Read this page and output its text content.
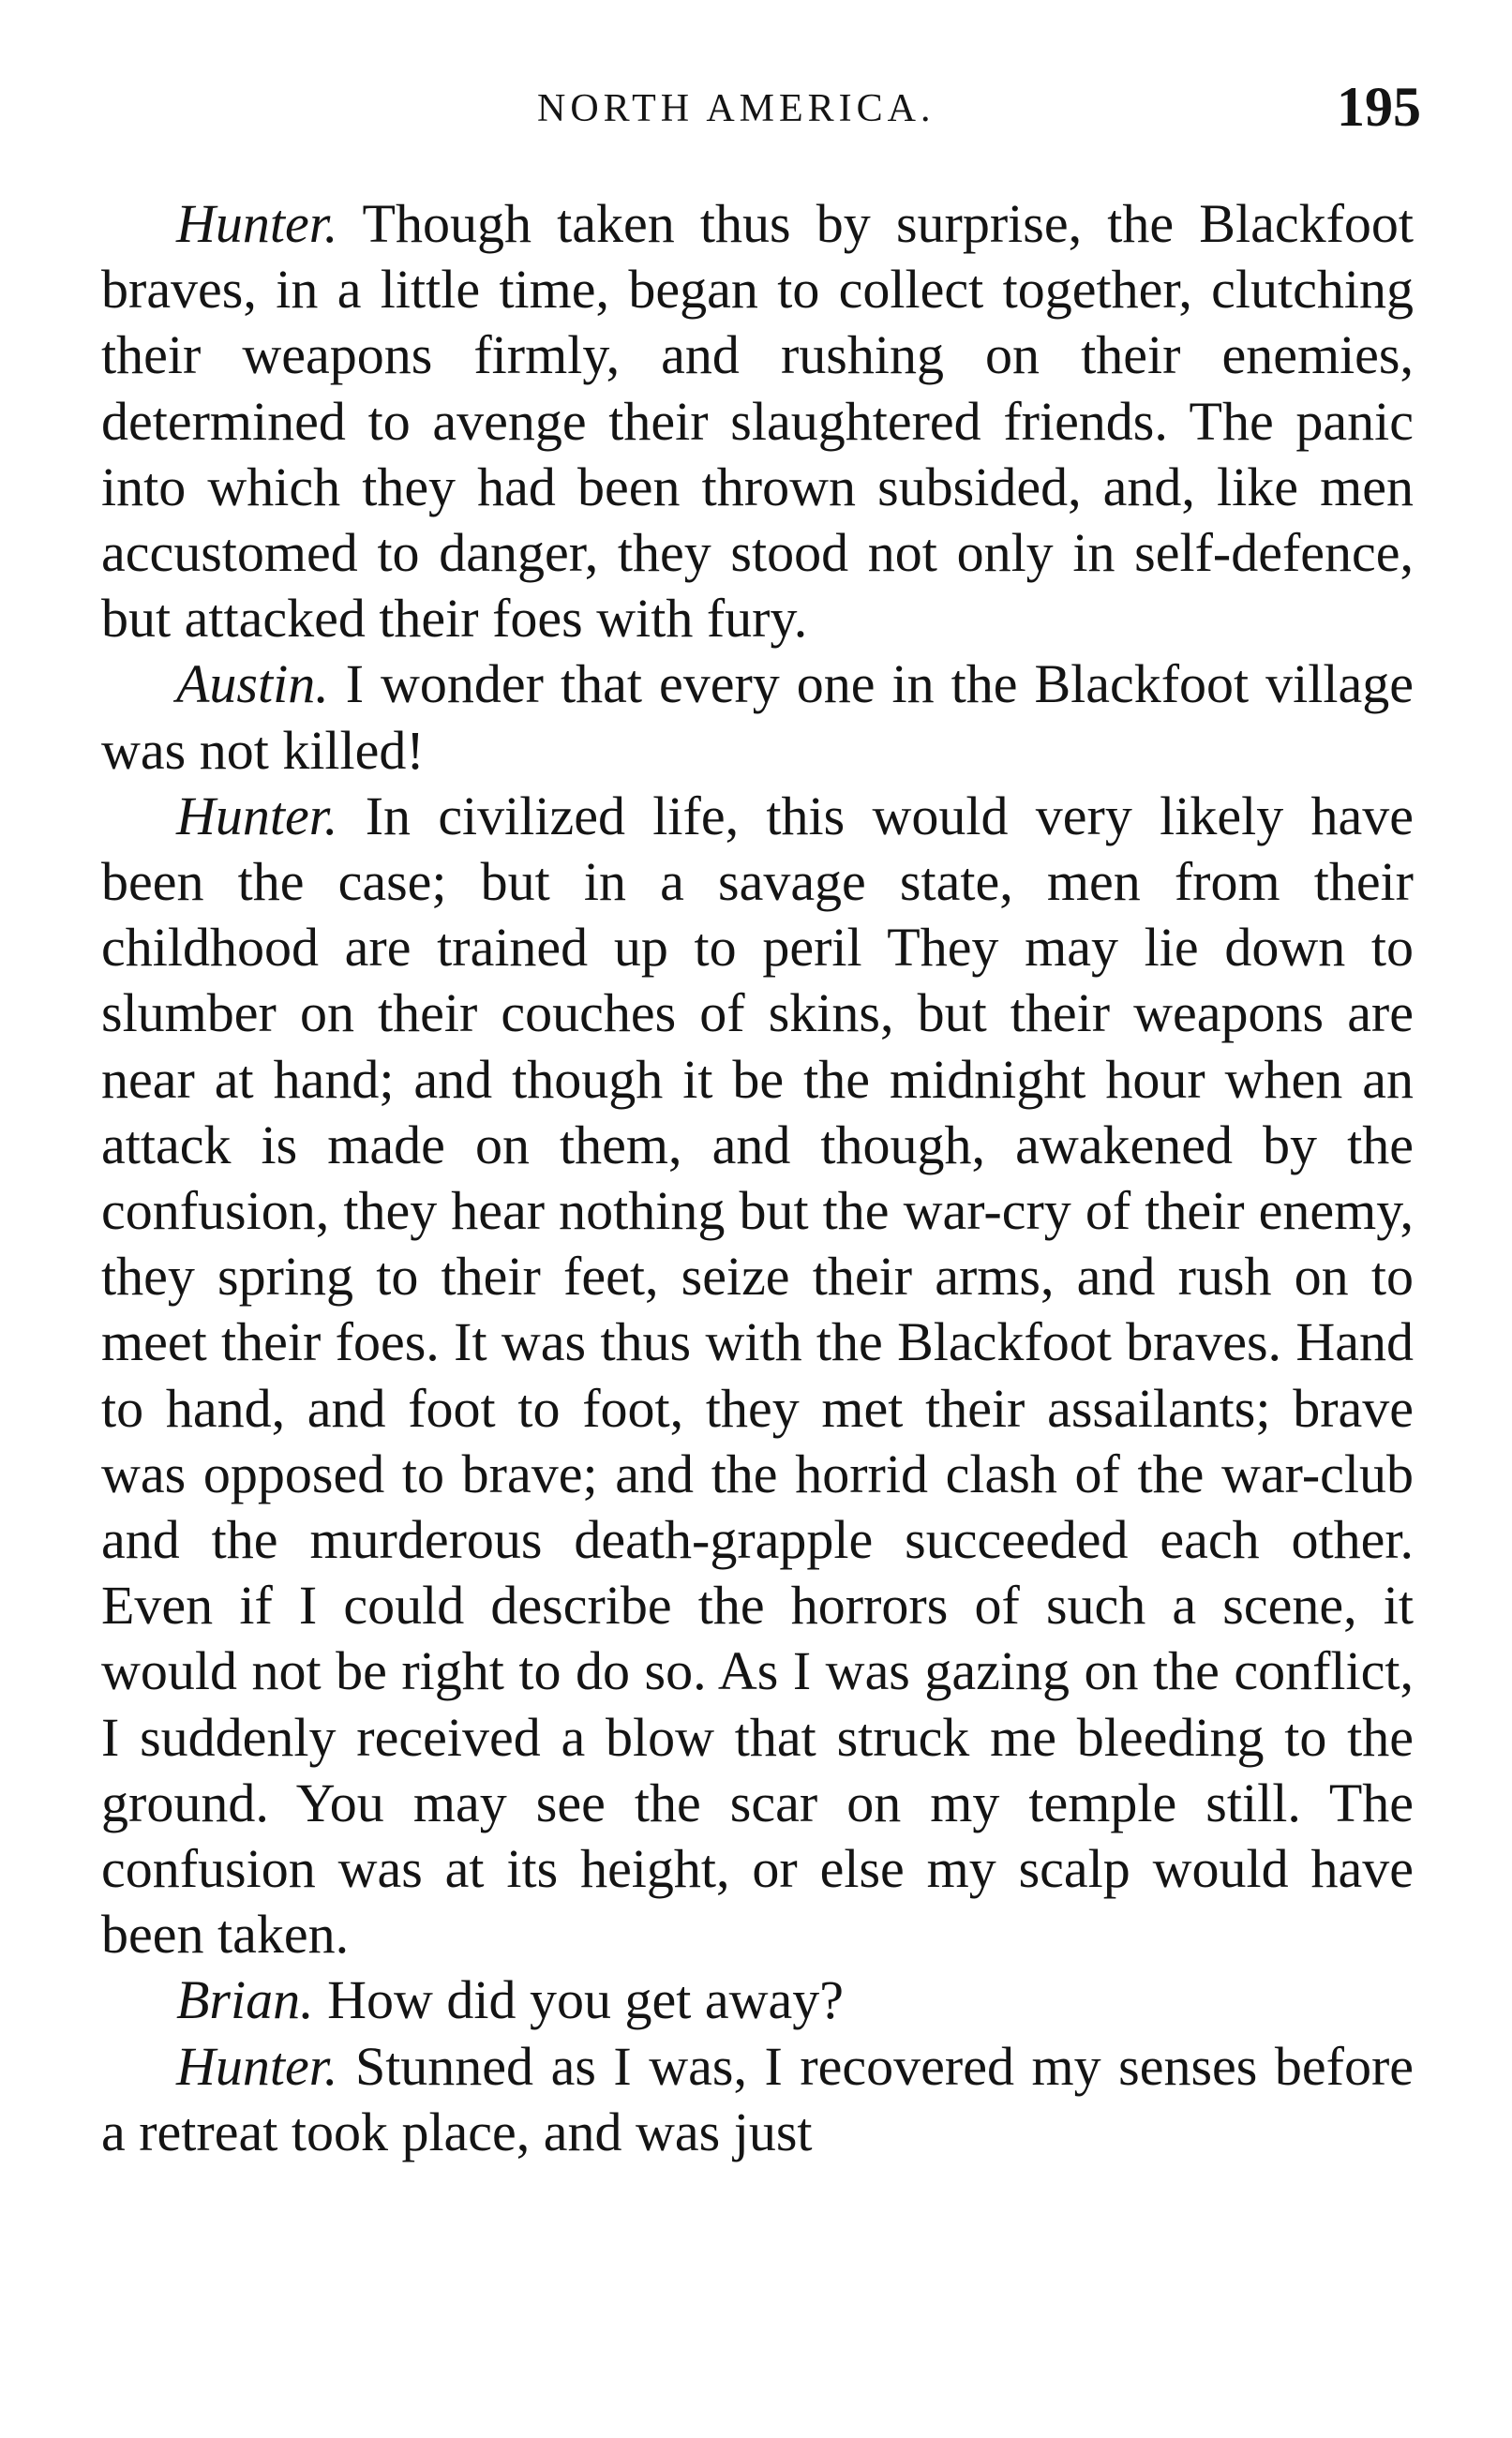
NORTH AMERICA.	195

Hunter. Though taken thus by surprise, the Blackfoot braves, in a little time, began to collect together, clutching their weapons firmly, and rushing on their enemies, determined to avenge their slaughtered friends. The panic into which they had been thrown subsided, and, like men accustomed to danger, they stood not only in self-defence, but attacked their foes with fury.

Austin. I wonder that every one in the Blackfoot village was not killed!

Hunter. In civilized life, this would very likely have been the case; but in a savage state, men from their childhood are trained up to peril They may lie down to slumber on their couches of skins, but their weapons are near at hand; and though it be the midnight hour when an attack is made on them, and though, awakened by the confusion, they hear nothing but the war-cry of their enemy, they spring to their feet, seize their arms, and rush on to meet their foes. It was thus with the Blackfoot braves. Hand to hand, and foot to foot, they met their assailants; brave was opposed to brave; and the horrid clash of the war-club and the murderous death-grapple succeeded each other. Even if I could describe the horrors of such a scene, it would not be right to do so. As I was gazing on the conflict, I suddenly received a blow that struck me bleeding to the ground. You may see the scar on my temple still. The confusion was at its height, or else my scalp would have been taken.

Brian. How did you get away?

Hunter. Stunned as I was, I recovered my senses before a retreat took place, and was just
